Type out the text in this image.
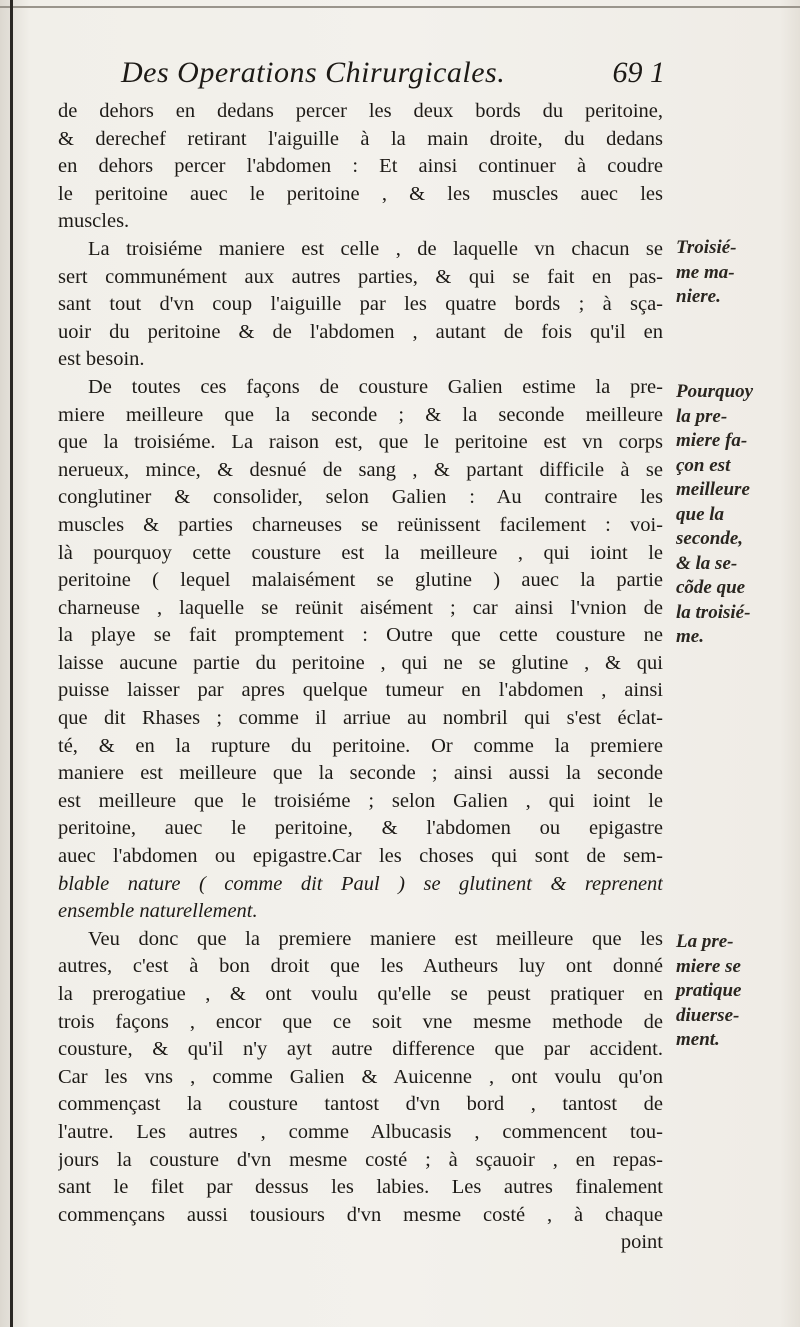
Des Operations Chirurgicales.	69 1
de dehors en dedans percer les deux bords du peritoine,
& derechef retirant l'aiguille à la main droite, du dedans
en dehors percer l'abdomen : Et ainsi continuer à coudre
le peritoine auec le peritoine , & les muscles auec les
muscles.
La troisiéme maniere est celle , de laquelle vn chacun se
sert communément aux autres parties, & qui se fait en pas-
sant tout d'vn coup l'aiguille par les quatre bords ; à sça-
uoir du peritoine & de l'abdomen , autant de fois qu'il en
est besoin.
De toutes ces façons de cousture Galien estime la pre-
miere meilleure que la seconde ; & la seconde meilleure
que la troisiéme. La raison est, que le peritoine est vn corps
nerueux, mince, & desnué de sang , & partant difficile à se
conglutiner & consolider, selon Galien : Au contraire les
muscles & parties charneuses se reünissent facilement : voi-
là pourquoy cette cousture est la meilleure , qui ioint le
peritoine ( lequel malaisément se glutine ) auec la partie
charneuse , laquelle se reünit aisément ; car ainsi l'vnion de
la playe se fait promptement : Outre que cette cousture ne
laisse aucune partie du peritoine , qui ne se glutine , & qui
puisse laisser par apres quelque tumeur en l'abdomen , ainsi
que dit Rhases ; comme il arriue au nombril qui s'est éclat-
té, & en la rupture du peritoine. Or comme la premiere
maniere est meilleure que la seconde ; ainsi aussi la seconde
est meilleure que le troisiéme ; selon Galien , qui ioint le
peritoine, auec le peritoine, & l'abdomen ou epigastre
auec l'abdomen ou epigastre.Car les choses qui sont de sem-
blable nature ( comme dit Paul ) se glutinent & reprenent
ensemble naturellement.
Veu donc que la premiere maniere est meilleure que les
autres, c'est à bon droit que les Autheurs luy ont donné
la prerogatiue , & ont voulu qu'elle se peust pratiquer en
trois façons , encor que ce soit vne mesme methode de
cousture, & qu'il n'y ayt autre difference que par accident.
Car les vns , comme Galien & Auicenne , ont voulu qu'on
commençast la cousture tantost d'vn bord , tantost de
l'autre. Les autres , comme Albucasis , commencent tou-
jours la cousture d'vn mesme costé ; à sçauoir , en repas-
sant le filet par dessus les labies. Les autres finalement
commençans aussi tousiours d'vn mesme costé , à chaque
point
Troisié-
me ma-
niere.
Pourquoy
la pre-
miere fa-
çon est
meilleure
que la
seconde,
& la se-
cõde que
la troisié-
me.
La pre-
miere se
pratique
diuerse-
ment.
